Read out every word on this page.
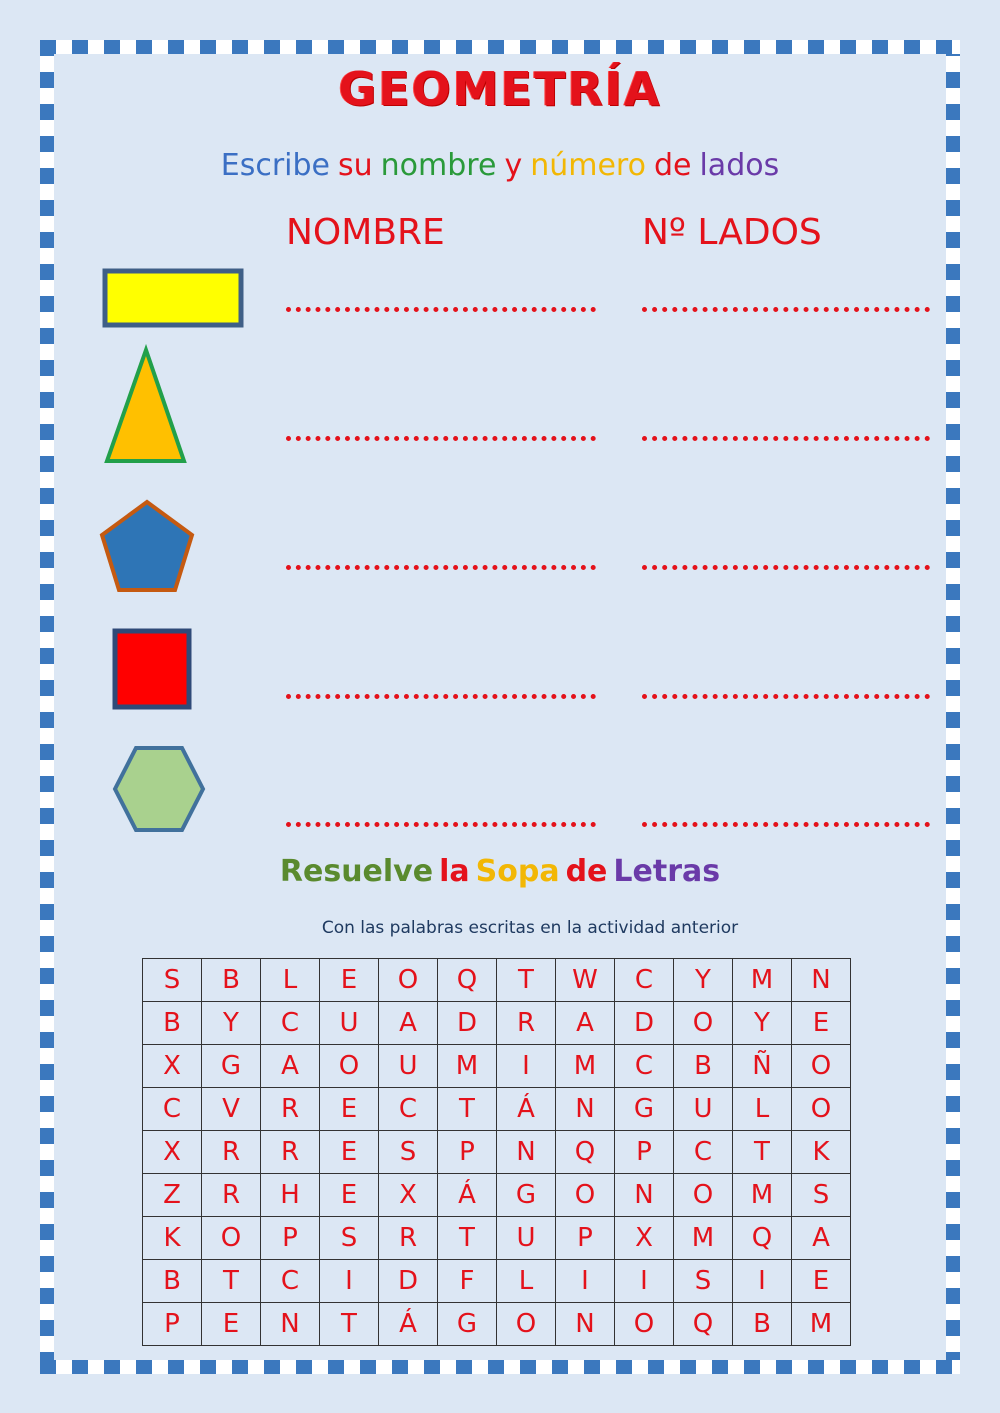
GEOMETRÍA
Escribe su nombre y número de lados
NOMBRE	Nº LADOS
Resuelve la Sopa de Letras
Con las palabras escritas en la actividad anterior
S	B	L	E	O	Q	T	W	C	Y	M	N
B	Y	C	U	A	D	R	A	D	O	Y	E
X	G	A	O	U	M	I	M	C	B	Ñ	O
C	V	R	E	C	T	Á	N	G	U	L	O
X	R	R	E	S	P	N	Q	P	C	T	K
Z	R	H	E	X	Á	G	O	N	O	M	S
K	O	P	S	R	T	U	P	X	M	Q	A
B	T	C	I	D	F	L	I	I	S	I	E
P	E	N	T	Á	G	O	N	O	Q	B	M
